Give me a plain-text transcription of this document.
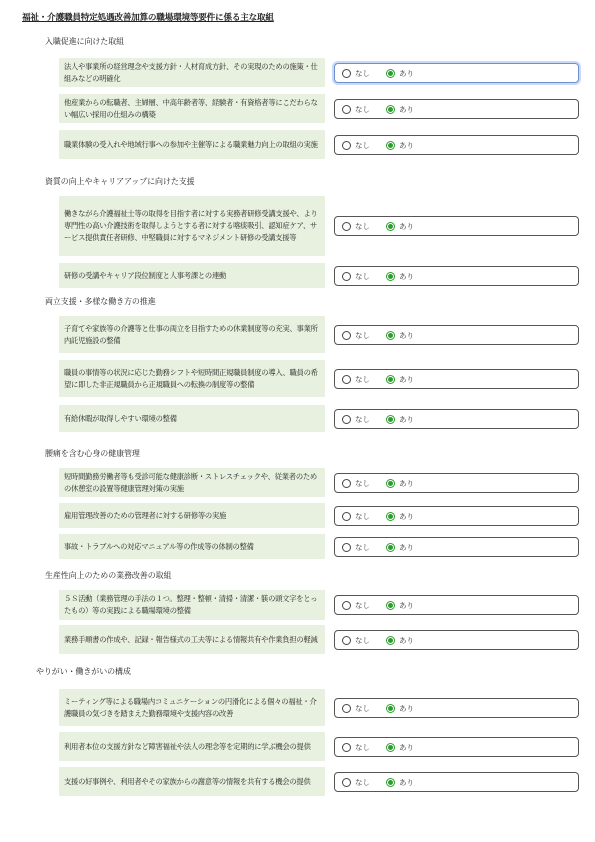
福祉・介護職員特定処遇改善加算の職場環境等要件に係る主な取組
入職促進に向けた取組
法人や事業所の経営理念や支援方針・人材育成方針、その実現のための施策・仕組みなどの明確化
なし	あり
他産業からの転職者、主婦層、中高年齢者等、経験者・有資格者等にこだわらない幅広い採用の仕組みの構築
なし	あり
職業体験の受入れや地域行事への参加や主催等による職業魅力向上の取組の実施	なし	あり
資質の向上やキャリアアップに向けた支援
働きながら介護福祉士等の取得を目指す者に対する実務者研修受講支援や、より専門性の高い介護技術を取得しようとする者に対する喀痰吸引、認知症ケア、サービス提供責任者研修、中堅職員に対するマネジメント研修の受講支援等
なし	あり
研修の受講やキャリア段位制度と人事考課との連動	なし	あり
両立支援・多様な働き方の推進
子育てや家族等の介護等と仕事の両立を目指すための休業制度等の充実、事業所内託児施設の整備
なし	あり
職員の事情等の状況に応じた勤務シフトや短時間正規職員制度の導入、職員の希望に即した非正規職員から正規職員への転換の制度等の整備
なし	あり
有給休暇が取得しやすい環境の整備	なし	あり
腰痛を含む心身の健康管理
短時間勤務労働者等も受診可能な健康診断・ストレスチェックや、従業者のための休憩室の設置等健康管理対策の実施
なし	あり
雇用管理改善のための管理者に対する研修等の実施	なし	あり
事故・トラブルへの対応マニュアル等の作成等の体制の整備	なし	あり
生産性向上のための業務改善の取組
５Ｓ活動（業務管理の手法の１つ。整理・整頓・清掃・清潔・躾の頭文字をとったもの）等の実践による職場環境の整備
なし	あり
業務手順書の作成や、記録・報告様式の工夫等による情報共有や作業負担の軽減	なし	あり
やりがい・働きがいの構成
ミーティング等による職場内コミュニケーションの円滑化による個々の福祉・介護職員の気づきを踏まえた勤務環境や支援内容の改善
なし	あり
利用者本位の支援方針など障害福祉や法人の理念等を定期的に学ぶ機会の提供	なし	あり
支援の好事例や、利用者やその家族からの謝意等の情報を共有する機会の提供	なし	あり
